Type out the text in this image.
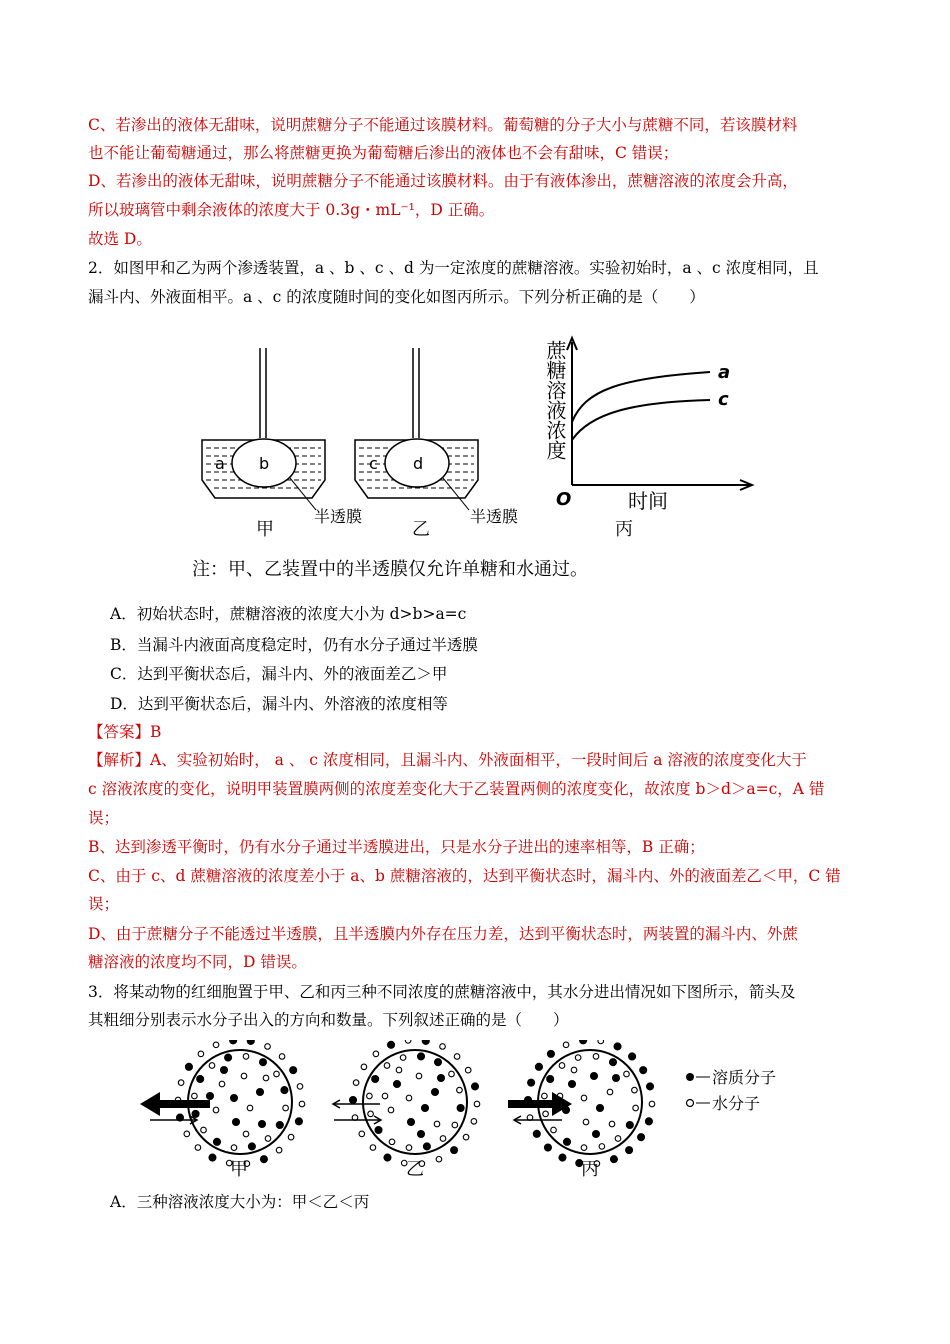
C、若渗出的液体无甜味，说明蔗糖分子不能通过该膜材料。葡萄糖的分子大小与蔗糖不同，若该膜材料
也不能让葡萄糖通过，那么将蔗糖更换为葡萄糖后渗出的液体也不会有甜味，C 错误；
D、若渗出的液体无甜味，说明蔗糖分子不能通过该膜材料。由于有液体渗出，蔗糖溶液的浓度会升高，
所以玻璃管中剩余液体的浓度大于 0.3g・mL⁻¹，D 正确。
故选 D。
2．如图甲和乙为两个渗透装置，a 、b 、c 、d 为一定浓度的蔗糖溶液。实验初始时，a 、c 浓度相同，且
漏斗内、外液面相平。a 、c 的浓度随时间的变化如图丙所示。下列分析正确的是（　　）
a b
半透膜
甲
c d
半透膜
乙
a
c
O	时间
丙
蔗糖溶液浓度
注：甲、乙装置中的半透膜仅允许单糖和水通过。
A．初始状态时，蔗糖溶液的浓度大小为 d>b>a=c
B．当漏斗内液面高度稳定时，仍有水分子通过半透膜
C．达到平衡状态后，漏斗内、外的液面差乙＞甲
D．达到平衡状态后，漏斗内、外溶液的浓度相等
【答案】B
【解析】A、实验初始时， a 、 c 浓度相同，且漏斗内、外液面相平，一段时间后 a 溶液的浓度变化大于
c 溶液浓度的变化，说明甲装置膜两侧的浓度差变化大于乙装置两侧的浓度变化，故浓度 b＞d＞a=c，A 错
误；
B、达到渗透平衡时，仍有水分子通过半透膜进出，只是水分子进出的速率相等，B 正确；
C、由于 c、d 蔗糖溶液的浓度差小于 a、b 蔗糖溶液的，达到平衡状态时，漏斗内、外的液面差乙＜甲，C 错
误；
D、由于蔗糖分子不能透过半透膜，且半透膜内外存在压力差，达到平衡状态时，两装置的漏斗内、外蔗
糖溶液的浓度均不同，D 错误。
3．将某动物的红细胞置于甲、乙和丙三种不同浓度的蔗糖溶液中，其水分进出情况如下图所示，箭头及
其粗细分别表示水分子出入的方向和数量。下列叙述正确的是（　　）
甲	乙	丙
溶质分子
水分子
A．三种溶液浓度大小为：甲＜乙＜丙
